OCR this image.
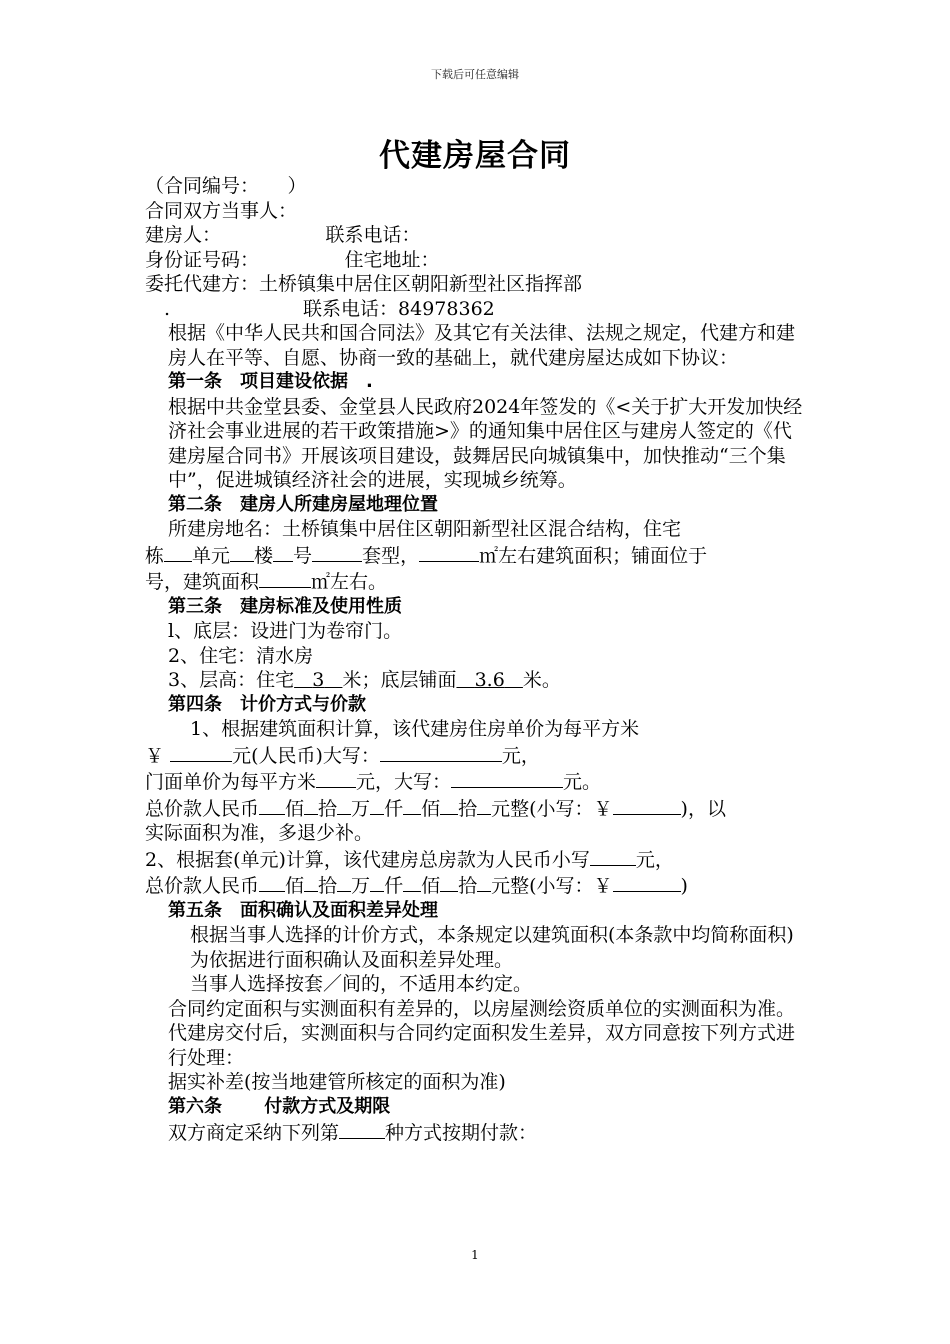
下载后可任意编辑
代建房屋合同

（合同编号：　　）

合同双方当事人：

建房人：　　　　　　联系电话：

身份证号码：　　　　　住宅地址：

委托代建方：土桥镇集中居住区朝阳新型社区指挥部

　.　　　　　　　联系电话：84978362

根据《中华人民共和国合同法》及其它有关法律、法规之规定，代建方和建房人在平等、自愿、协商一致的基础上，就代建房屋达成如下协议：

第一条　项目建设依据　.

根据中共金堂县委、金堂县人民政府2024年签发的《<关于扩大开发加快经济社会事业进展的若干政策措施>》的通知集中居住区与建房人签定的《代建房屋合同书》开展该项目建设，鼓舞居民向城镇集中，加快推动“三个集中”，促进城镇经济社会的进展，实现城乡统筹。

第二条　建房人所建房屋地理位置

所建房地名：土桥镇集中居住区朝阳新型社区混合结构，住宅

栋 单元 楼 号	套型，	㎡左右建筑面积；铺面位于

号，建筑面积	㎡左右。

第三条　建房标准及使用性质

l、底层：设进门为卷帘门。

2、住宅：清水房

3、层高：住宅 3 米；底层铺面 3.6 米。

第四条　计价方式与价款

1、根据建筑面积计算，该代建房住房单价为每平方米

￥	元(人民币)大写：	元，

门面单价为每平方米 元，大写：	元。

总价款人民币 佰 拾 万 仟 佰 拾 元整(小写：￥	)，以

实际面积为准，多退少补。

2、根据套(单元)计算，该代建房总房款为人民币小写 元，

总价款人民币 佰 拾 万 仟 佰 拾 元整(小写：￥	)

第五条　面积确认及面积差异处理

根据当事人选择的计价方式，本条规定以建筑面积(本条款中均简称面积)为依据进行面积确认及面积差异处理。

当事人选择按套／间的，不适用本约定。

合同约定面积与实测面积有差异的，以房屋测绘资质单位的实测面积为准。

代建房交付后，实测面积与合同约定面积发生差异，双方同意按下列方式进行处理：

据实补差(按当地建管所核定的面积为准)

第六条　　 付款方式及期限

双方商定采纳下列第 种方式按期付款：

1
